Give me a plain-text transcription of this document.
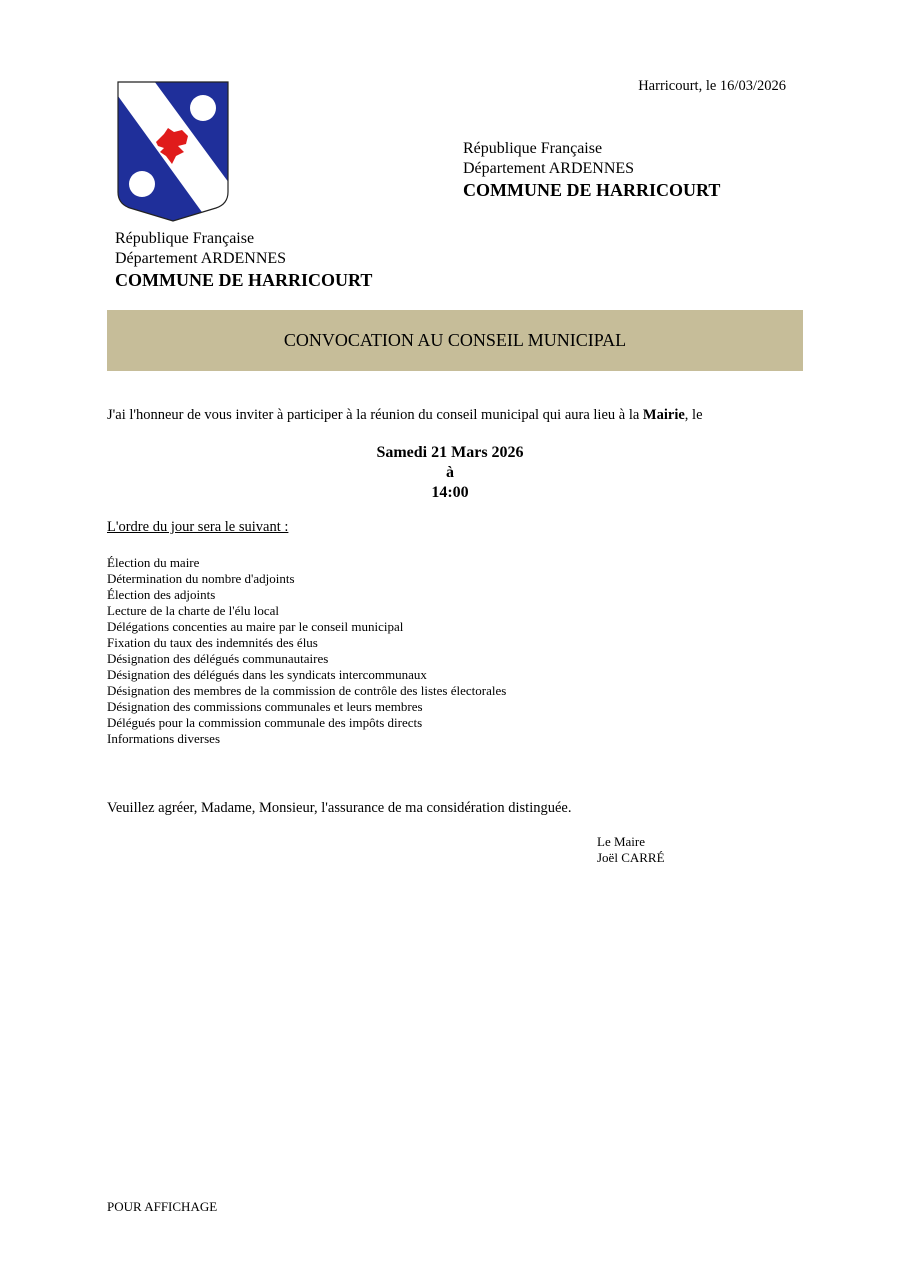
Harricourt, le 16/03/2026
République Française
Département ARDENNES
COMMUNE DE HARRICOURT
République Française
Département ARDENNES
COMMUNE DE HARRICOURT
CONVOCATION AU CONSEIL MUNICIPAL
J'ai l'honneur de vous inviter à participer à la réunion du conseil municipal qui aura lieu à la Mairie, le
Samedi 21 Mars 2026
à
14:00
L'ordre du jour sera le suivant :
Élection du maire
Détermination du nombre d'adjoints
Élection des adjoints
Lecture de la charte de l'élu local
Délégations concenties au maire par le conseil municipal
Fixation du taux des indemnités des élus
Désignation des délégués communautaires
Désignation des délégués dans les syndicats intercommunaux
Désignation des membres de la commission de contrôle des listes électorales
Désignation des commissions communales et leurs membres
Délégués pour la commission communale des impôts directs
Informations diverses
Veuillez agréer, Madame, Monsieur, l'assurance de ma considération distinguée.
Le Maire
Joël CARRÉ
POUR AFFICHAGE
